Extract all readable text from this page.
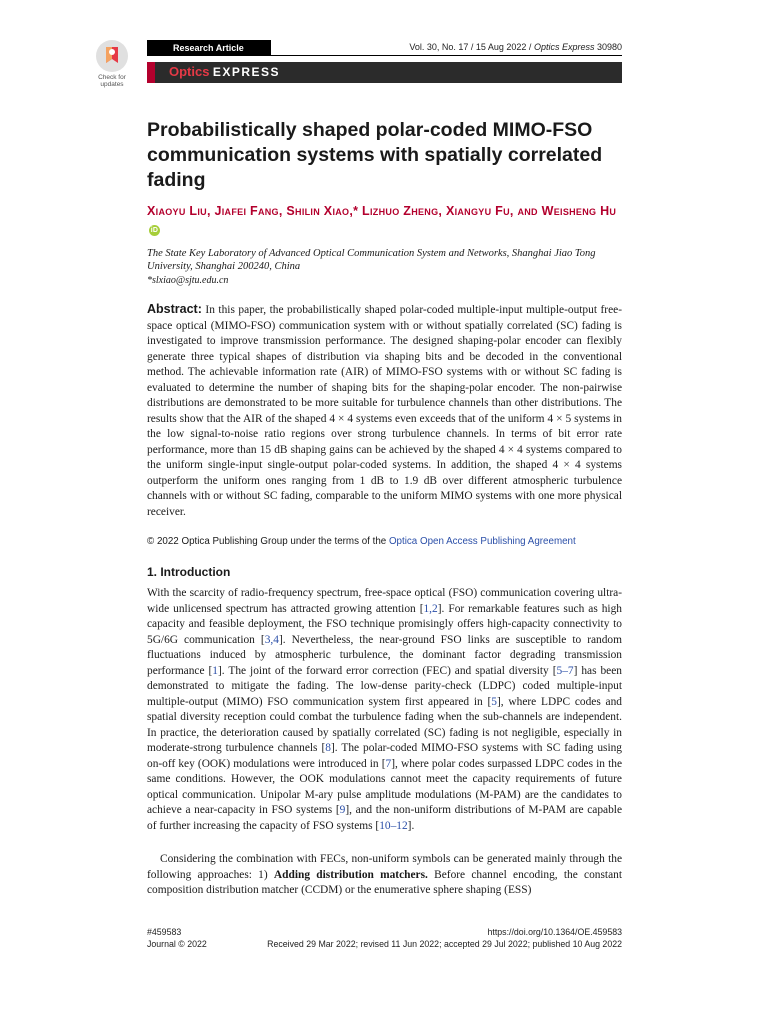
Check for updates
Research Article	Vol. 30, No. 17 / 15 Aug 2022 / Optics Express 30980
Optics EXPRESS
Probabilistically shaped polar-coded MIMO-FSO communication systems with spatially correlated fading
Xiaoyu Liu, Jiafei Fang, Shilin Xiao,* Lizhuo Zheng, Xiangyu Fu, and Weisheng Hu iD
The State Key Laboratory of Advanced Optical Communication System and Networks, Shanghai Jiao Tong University, Shanghai 200240, China
*slxiao@sjtu.edu.cn

Abstract: In this paper, the probabilistically shaped polar-coded multiple-input multiple-output free-space optical (MIMO-FSO) communication system with or without spatially correlated (SC) fading is investigated to improve transmission performance. The designed shaping-polar encoder can flexibly generate three typical shapes of distribution via shaping bits and be decoded in the conventional method. The achievable information rate (AIR) of MIMO-FSO systems with or without SC fading is evaluated to determine the number of shaping bits for the shaping-polar encoder. The non-pairwise distributions are demonstrated to be more suitable for turbulence channels than other distributions. The results show that the AIR of the shaped 4 × 4 systems even exceeds that of the uniform 4 × 5 systems in the low signal-to-noise ratio regions over strong turbulence channels. In terms of bit error rate performance, more than 15 dB shaping gains can be achieved by the shaped 4 × 4 systems compared to the uniform single-input single-output polar-coded systems. In addition, the shaped 4 × 4 systems outperform the uniform ones ranging from 1 dB to 1.9 dB over different atmospheric turbulence channels with or without SC fading, comparable to the uniform MIMO systems with one more physical receiver.

© 2022 Optica Publishing Group under the terms of the Optica Open Access Publishing Agreement
1. Introduction

With the scarcity of radio-frequency spectrum, free-space optical (FSO) communication covering ultra-wide unlicensed spectrum has attracted growing attention [1,2]. For remarkable features such as high capacity and feasible deployment, the FSO technique promisingly offers high-capacity connectivity to 5G/6G communication [3,4]. Nevertheless, the near-ground FSO links are susceptible to random fluctuations induced by atmospheric turbulence, the dominant factor degrading transmission performance [1]. The joint of the forward error correction (FEC) and spatial diversity [5–7] has been demonstrated to mitigate the fading. The low-dense parity-check (LDPC) coded multiple-input multiple-output (MIMO) FSO communication system first appeared in [5], where LDPC codes and spatial diversity reception could combat the turbulence fading when the sub-channels are independent. In practice, the deterioration caused by spatially correlated (SC) fading is not negligible, especially in moderate-strong turbulence channels [8]. The polar-coded MIMO-FSO systems with SC fading using on-off key (OOK) modulations were introduced in [7], where polar codes surpassed LDPC codes in the same conditions. However, the OOK modulations cannot meet the capacity requirements of future optical communication. Unipolar M-ary pulse amplitude modulations (M-PAM) are the candidates to achieve a near-capacity in FSO systems [9], and the non-uniform distributions of M-PAM are capable of further increasing the capacity of FSO systems [10–12].

Considering the combination with FECs, non-uniform symbols can be generated mainly through the following approaches: 1) Adding distribution matchers. Before channel encoding, the constant composition distribution matcher (CCDM) or the enumerative sphere shaping (ESS)

#459583
Journal © 2022
https://doi.org/10.1364/OE.459583
Received 29 Mar 2022; revised 11 Jun 2022; accepted 29 Jul 2022; published 10 Aug 2022
